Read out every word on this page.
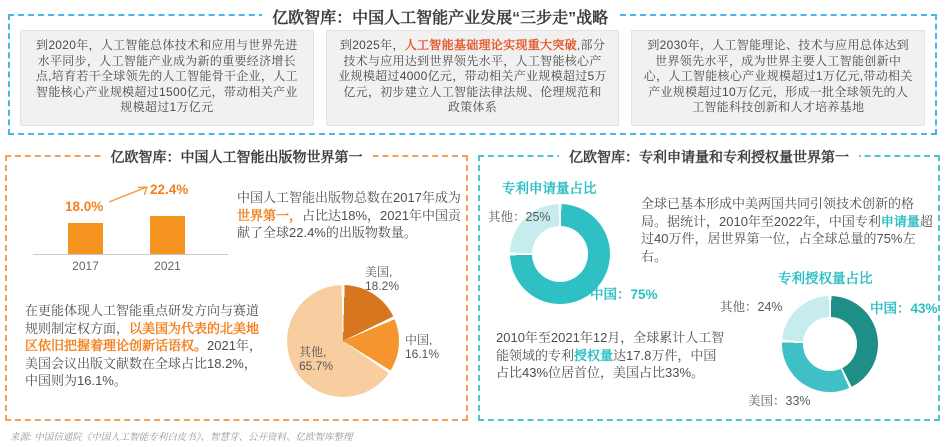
亿欧智库：中国人工智能产业发展“三步走”战略
到2020年，人工智能总体技术和应用与世界先进水平同步，人工智能产业成为新的重要经济增长点,培育若干全球领先的人工智能骨干企业，人工智能核心产业规模超过1500亿元，带动相关产业规模超过1万亿元
到2025年，人工智能基础理论实现重大突破,部分技术与应用达到世界领先水平，人工智能核心产业规模超过4000亿元，带动相关产业规模超过5万亿元，初步建立人工智能法律法规、伦理规范和政策体系
到2030年，人工智能理论、技术与应用总体达到世界领先水平，成为世界主要人工智能创新中心，人工智能核心产业规模超过1万亿元,带动相关产业规模超过10万亿元，形成一批全球领先的人工智能科技创新和人才培养基地
亿欧智库：中国人工智能出版物世界第一
18.0%
22.4%
2017	2021
中国人工智能出版物总数在2017年成为世界第一，占比达18%，2021年中国贡献了全球22.4%的出版物数量。
在更能体现人工智能重点研发方向与赛道规则制定权方面，以美国为代表的北美地区依旧把握着理论创新话语权。2021年，美国会议出版文献数在全球占比18.2%，中国则为16.1%。
美国,
18.2%
中国,
16.1%
其他,
65.7%
亿欧智库：专利申请量和专利授权量世界第一
专利申请量占比
其他：25%
中国：75%
全球已基本形成中美两国共同引领技术创新的格局。据统计，2010年至2022年，中国专利申请量超过40万件，居世界第一位，占全球总量的75%左右。
专利授权量占比
其他：24%	中国：43%
美国：33%
2010年至2021年12月，全球累计人工智能领域的专利授权量达17.8万件，中国占比43%位居首位，美国占比33%。
来源: 中国信通院《中国人工智能专利白皮书》、智慧芽、公开资料、亿欧智库整理
